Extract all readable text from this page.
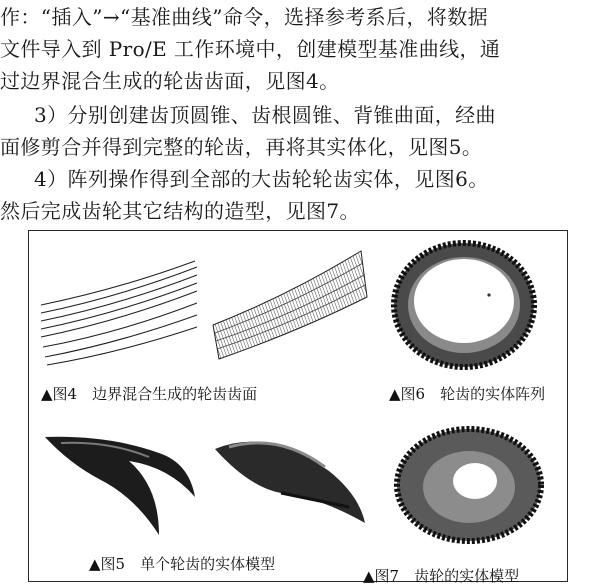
作：“插入”→“基准曲线”命令，选择参考系后，将数据
文件导入到 Pro/E 工作环境中，创建模型基准曲线，通
过边界混合生成的轮齿齿面，见图4。
3）分别创建齿顶圆锥、齿根圆锥、背锥曲面，经曲
面修剪合并得到完整的轮齿，再将其实体化，见图5。
4）阵列操作得到全部的大齿轮轮齿实体，见图6。
然后完成齿轮其它结构的造型，见图7。
▲图4　边界混合生成的轮齿齿面	▲图6　轮齿的实体阵列
▲图5　单个轮齿的实体模型
▲图7　齿轮的实体模型
